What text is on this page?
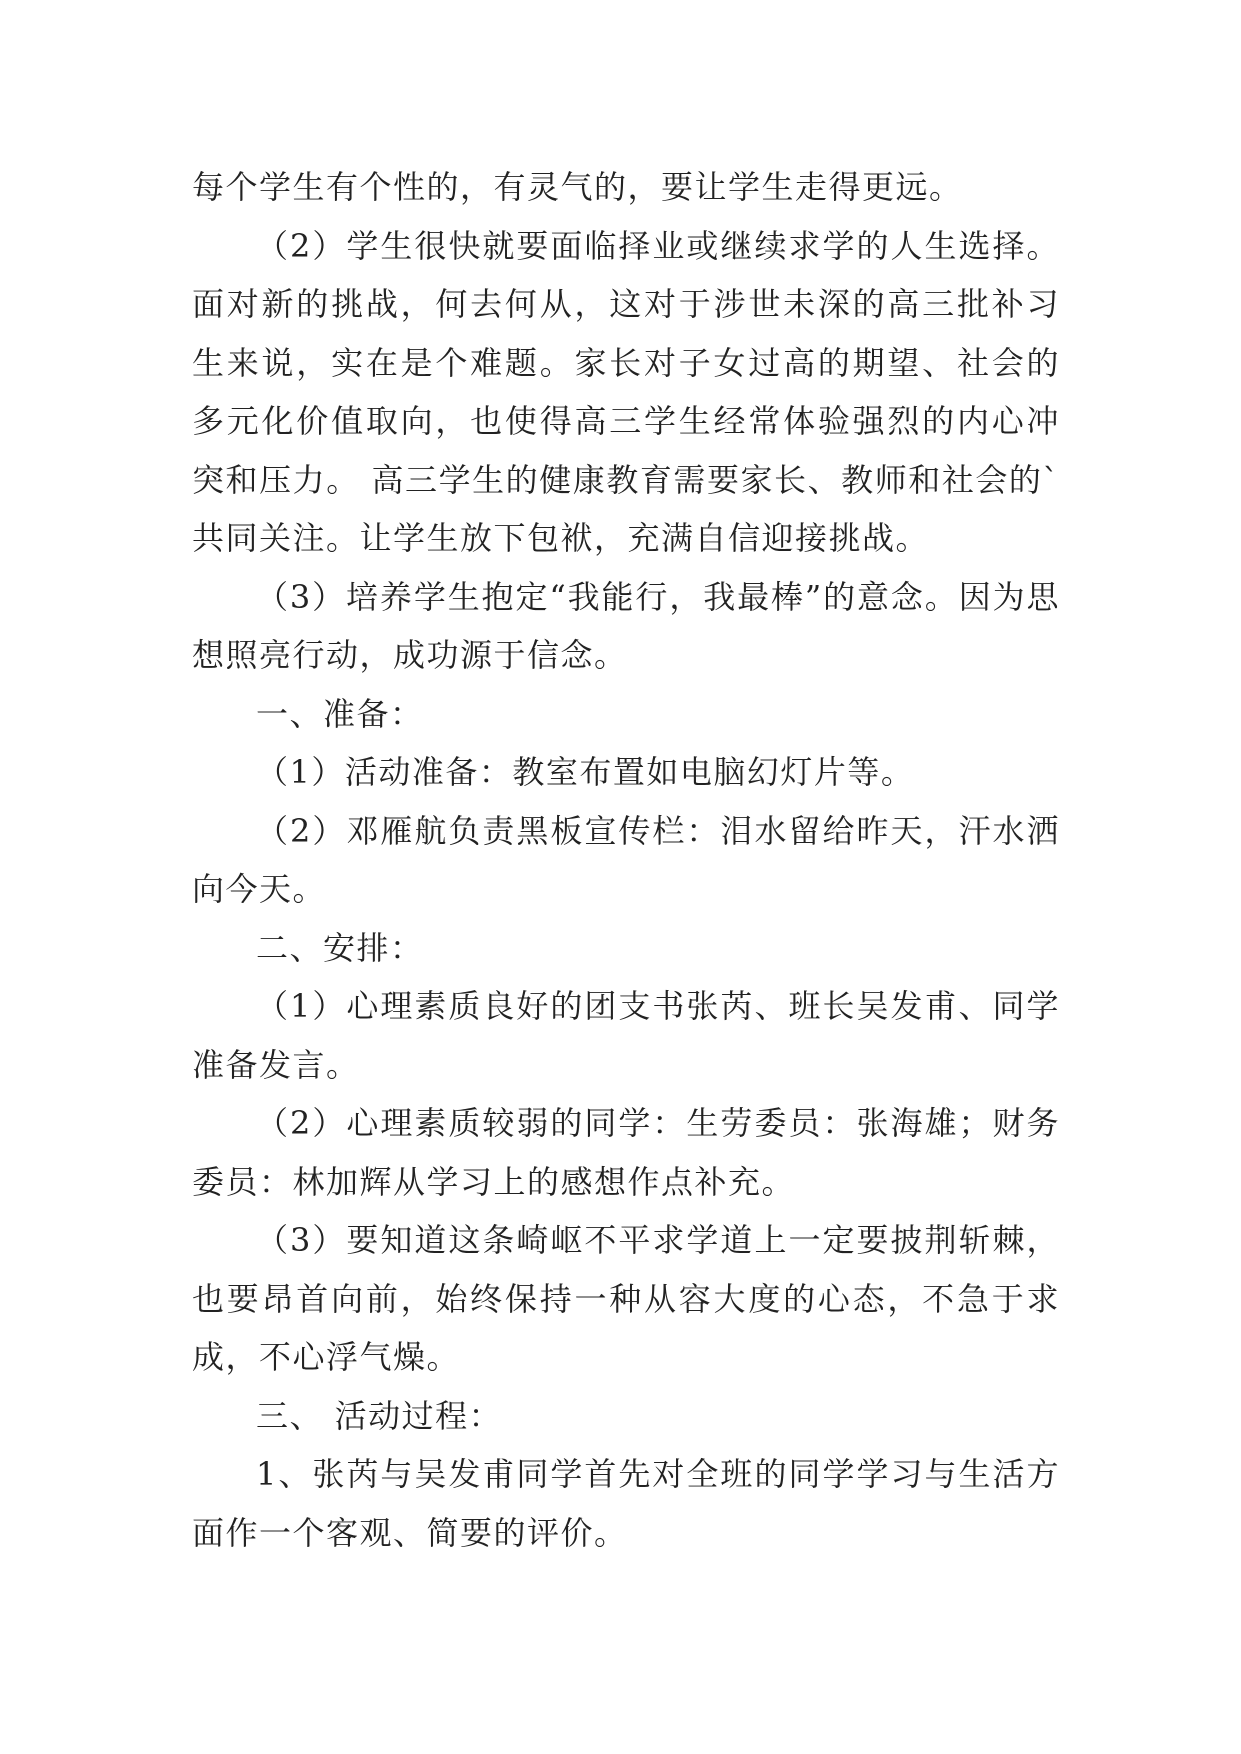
每个学生有个性的，有灵气的，要让学生走得更远。

（2）学生很快就要面临择业或继续求学的人生选择。面对新的挑战，何去何从，这对于涉世未深的高三批补习生来说，实在是个难题。家长对子女过高的期望、社会的多元化价值取向，也使得高三学生经常体验强烈的内心冲突和压力。 高三学生的健康教育需要家长、教师和社会的`共同关注。让学生放下包袱，充满自信迎接挑战。

（3）培养学生抱定“我能行，我最棒”的意念。因为思想照亮行动，成功源于信念。

一、准备：

（1）活动准备：教室布置如电脑幻灯片等。

（2）邓雁航负责黑板宣传栏：泪水留给昨天，汗水洒向今天。

二、安排：

（1）心理素质良好的团支书张芮、班长吴发甫、同学准备发言。

（2）心理素质较弱的同学：生劳委员：张海雄；财务委员：林加辉从学习上的感想作点补充。

（3）要知道这条崎岖不平求学道上一定要披荆斩棘，也要昂首向前，始终保持一种从容大度的心态，不急于求成，不心浮气燥。

三、 活动过程：

1、张芮与吴发甫同学首先对全班的同学学习与生活方面作一个客观、简要的评价。
